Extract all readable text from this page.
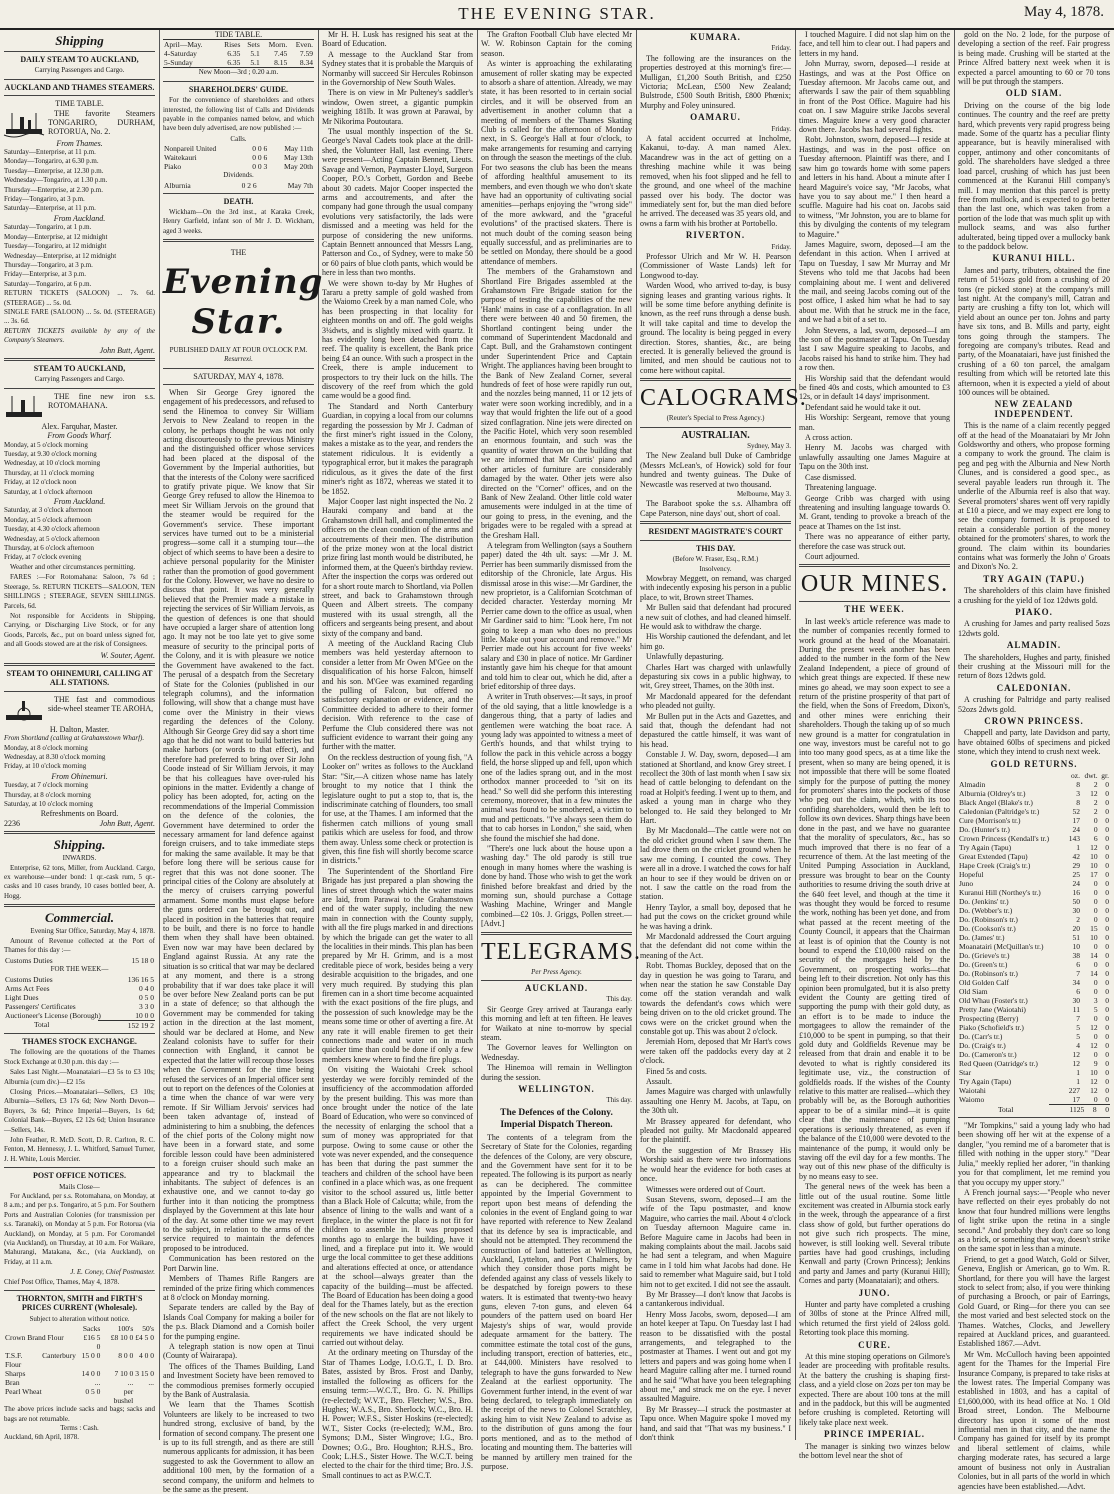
THE EVENING STAR.	May 4, 1878.
Shipping
DAILY STEAM TO AUCKLAND,
Carrying Passengers and Cargo.
AUCKLAND AND THAMES STEAMERS.
TIME TABLE.

THE favorite Steamers TONGARIRO, DURHAM, ROTORUA, No. 2.

From Thames.
Saturday—Enterprise, at 11 p.m.
Monday—Tongariro, at 6.30 p.m.
Tuesday—Enterprise, at 12.30 p.m.
Wednesday—Tongariro, at 1.30 p.m.
Thursday—Enterprise, at 2.30 p.m.
Friday—Tongariro, at 3 p.m.
Saturday—Enterprise, at 11 p.m.
From Auckland.
Saturday—Tongariro, at 1 p.m.
Monday—Enterprise, at 12 midnight
Tuesday—Tongariro, at 12 midnight
Wednesday—Enterprise, at 12 midnight
Thursday—Tongariro, at 3 p.m.
Friday—Enterprise, at 3 p.m.
Saturday—Tongariro, at 6 p.m.
RETURN TICKETS (SALOON) ... 7s. 6d. (STEERAGE) ... 5s. 0d.
SINGLE FARE (SALOON) ... 5s. 0d. (STEERAGE) ... 3s. 6d.
RETURN TICKETS available by any of the Company's Steamers.
John Butt, Agent.
STEAM TO AUCKLAND,
Carrying Passengers and Cargo.

THE fine new iron s.s. ROTOMAHANA.

Alex. Farquhar, Master.
From Goods Wharf.
Monday, at 5 o'clock morning
Tuesday, at 9.30 o'clock morning
Wednesday, at 10 o'clock morning
Thursday, at 11 o'clock morning
Friday, at 12 o'clock noon
Saturday, at 1 o'clock afternoon
From Auckland.
Saturday, at 3 o'clock afternoon
Monday, at 5 o'clock afternoon
Tuesday, at 4.30 o'clock afternoon
Wednesday, at 5 o'clock afternoon
Thursday, at 6 o'clock afternoon
Friday, at 7 o'clock evening

Weather and other circumstances permitting.

FARES :—For Rotomahana: Saloon, 7s 6d ; Steerage, 5s. RETURN TICKETS—SALOON, TEN SHILLINGS ; STEERAGE, SEVEN SHILLINGS. Parcels, 6d.

Not responsible for Accidents in Shipping, Carrying, or Discharging Live Stock, or for any Goods, Parcels, &c., put on board unless signed for, and all Goods stowed are at the risk of Consignees.

W. Souter, Agent.
STEAM TO OHINEMURI, CALLING AT ALL STATIONS.

THE fast and commodious side-wheel steamer TE AROHA,

H. Dalton, Master.
From Shortland (calling at Grahamstown Wharf).
Monday, at 8 o'clock morning
Wednesday, at 8.30 o'clock morning
Friday, at 10 o'clock morning
From Ohinemuri.
Tuesday, at 7 o'clock morning
Thursday, at 8 o'clock morning
Saturday, at 10 o'clock morning
Refreshments on Board.
2236	John Butt, Agent.
Shipping.
INWARDS.

Enterprise, 62 tons, Miller, from Auckland. Cargo, ex warehouse—under bond: 1 qr.-cask rum, 5 qr.-casks and 10 cases brandy, 10 cases bottled beer, A. Hogg.

Commercial.
Evening Star Office, Saturday, May 4, 1878.

Amount of Revenue collected at the Port of Thames for this day :—

Customs Duties	15 18 0
FOR THE WEEK—
Customs Duties	136 16 5
Arms Act Fees	0 4 0
Light Dues	0 5 0
Passengers' Certificates	3 3 0
Auctioneer's License (Borough)	10 0 0
Total	152 19 2
THAMES STOCK EXCHANGE.

The following are the quotations of the Thames Stock Exchange at 0.30 p.m. this day :—

Sales Last Night.—Moanataiari—£3 5s to £3 10s; Alburnia (cum div.)—£2 15s

Closing Prices.—Moanataiari—Sellers, £3 10s; Alburnia—Sellers, £3 17s 6d; New North Devon—Buyers, 3s 6d; Prince Imperial—Buyers, 1s 6d; Colonial Bank—Buyers, £2 12s 6d; Union Insurance—Sellers, 14s.

John Feather, R. McD. Scott, D. R. Carlton, R. C. Fenton, M. Hennessy, J. L. Whitford, Samuel Turner, J. H. White, Louis Mercier.

POST OFFICE NOTICES.
Mails Close—

For Auckland, per s.s. Rotomahana, on Monday, at 8 a.m.; and per p.s. Tongariro, at 5 p.m. For Southern Ports and Australian Colonies (for transmission per s.s. Taranaki), on Monday at 5 p.m. For Rotorua (via Auckland), on Monday, at 5 p.m. For Coromandel (via Auckland), on Thursday, at 10 a.m. For Waikare, Mahurangi, Matakana, &c., (via Auckland), on Friday, at 11 a.m.

J. E. Coney, Chief Postmaster.
Chief Post Office, Thames, May 4, 1878.
THORNTON, SMITH and FIRTH'S PRICES CURRENT (Wholesale).
Subject to alteration without notice.
	Sacks	100's	50's
Crown Brand Flour	£16 5 0	£8 10 0	£4 5 0
T.S.F. Canterbury Flour	15 0 0	8 0 0	4 0 0
Sharps	14 0 0	7 10 0	3 15 0
Bran	...	...	...
Pearl Wheat	0 5 0	per bushel	
The above prices include sacks and bags; sacks and bags are not returnable.
Terms : Cash.
Auckland, 6th April, 1878.
TIDE TABLE.
April—May.	Rises	Sets	Morn.	Even.
4-Saturday	6.35	5.1	7.45	7.59
5-Sunday	6.35	5.1	8.15	8.34
New Moon—3rd ; 0.20 a.m.
SHAREHOLDERS' GUIDE.

For the convenience of shareholders and others interested, the following list of Calls and Dividends payable in the companies named below, and which have been duly advertised, are now published :—

Calls.
Nonpareil United	0 0 6	May 11th
Waitekauri	0 0 6	May 13th
Piako	0 0 3	May 20th
Dividends.
Alburnia	0 2 6	May 7th
DEATH.

Wickham—On the 3rd inst., at Karaka Creek, Henry Garfield, infant son of Mr J. D. Wickham, aged 3 weeks.

THE
Evening Star.
PUBLISHED DAILY AT FOUR O'CLOCK P.M.
Resurrexi.
SATURDAY, MAY 4, 1878.

When Sir George Grey ignored the engagement of his predecessors, and refused to send the Hinemoa to convey Sir William Jervois to New Zealand to reopen in the colony, he perhaps thought he was not only acting discourteously to the previous Ministry and the distinguished officer whose services had been placed at the disposal of the Government by the Imperial authorities, but that the interests of the Colony were sacrificed to gratify private pique. We know that Sir George Grey refused to allow the Hinemoa to meet Sir William Jervois on the ground that the steamer would be required for the Government's service. These important services have turned out to be a ministerial progress—some call it a stumping tour—the object of which seems to have been a desire to achieve personal popularity for the Minister rather than the promotion of good government for the Colony. However, we have no desire to discuss that point. It was very generally believed that the Premier made a mistake in rejecting the services of Sir William Jervois, as the question of defences is one that should have occupied a larger share of attention long ago. It may not be too late yet to give some measure of security to the principal ports of the Colony, and it is with pleasure we notice the Government have awakened to the fact. The perusal of a despatch from the Secretary of State for the Colonies (published in our telegraph columns), and the information following, will show that a change must have come over the Ministry in their views regarding the defences of the Colony. Although Sir George Grey did say a short time ago that he did not want to build batteries but make harbors (or words to that effect), and therefore had preferred to bring over Sir John Coode instead of Sir William Jervois, it may be that his colleagues have over-ruled his opinions in the matter. Evidently a change of policy has been adopted, for, acting on the recommendations of the Imperial Commission on the defence of the colonies, the Government have determined to order the necessary armament for land defence against foreign cruisers, and to take immediate steps for making the same available. It may be that before long there will be serious cause for regret that this was not done sooner. The principal cities of the Colony are absolutely at the mercy of cruisers carrying powerful armament. Some months must elapse before the guns ordered can be brought out, and placed in position in the batteries that require to be built, and there is no force to handle them when they shall have been obtained. Even now war may have been declared by England against Russia. At any rate the situation is so critical that war may be declared at any moment, and there is a strong probability that if war does take place it will be over before New Zealand ports can be put in a state of defence; so that although the Government may be commended for taking action in the direction at the last moment, should war be declared at Home, and New Zealand colonists have to suffer for their connection with England, it cannot be expected that the latter will recoup those losses when the Government for the time being refused the services of an Imperial officer sent out to report on the defences of the Colonies at a time when the chance of war were very remote. If Sir William Jervois' services had been taken advantage of, instead of administering to him a snubbing, the defences of the chief ports of the Colony might now have been in a forward state, and some forcible lesson could have been administered to a foreign cruiser should such make an appearance and try to blackmail the inhabitants. The subject of defences is an exhaustive one, and we cannot to-day go further into it than noticing the promptness displayed by the Government at this late hour of the day. At some other time we may revert to the subject, in relation to the arms of the service required to maintain the defences proposed to be introduced.

Communication has been restored on the Port Darwin line.

Members of Thames Rifle Rangers are reminded of the prize firing which commences at 8 o'clock on Monday morning.

Separate tenders are called by the Bay of Islands Coal Company for making a boiler for the p.s. Black Diamond and a Cornish boiler for the pumping engine.

A telegraph station is now open at Tinui (County of Wairarapa).

The offices of the Thames Building, Land and Investment Society have been removed to the commodious premises formerly occupied by the Bank of Australasia.

We learn that the Thames Scottish Volunteers are likely to be increased to two hundred strong, exclusive of band, by the formation of second company. The present one is up to its full strength, and as there are still numerous applicants for admission, it has been suggested to ask the Government to allow an additional 100 men, by the formation of a second company, the uniform and helmets to be the same as the present.

Mr H. H. Lusk has resigned his seat at the Board of Education.

A message to the Auckland Star from Sydney states that it is probable the Marquis of Normanby will succeed Sir Hercules Robinson in the Governorship of New South Wales.

There is on view in Mr Pulteney's saddler's window, Owen street, a gigantic pumpkin weighing 181lb. It was grown at Parawai, by Mr Nikorima Poutoutara.

The usual monthly inspection of the St. George's Naval Cadets took place at the drill-shed, the Volunteer Hall, last evening. There were present—Acting Captain Bennett, Lieuts. Savage and Vernon, Paymaster Lloyd, Surgeon Cooper, P.O.'s Corbett, Gordon and Beebe about 30 cadets. Major Cooper inspected the arms and accoutrements, and after the company had gone through the usual company evolutions very satisfactorily, the lads were dismissed and a meeting was held for the purpose of considering the new uniforms. Captain Bennett announced that Messrs Lang, Patterson and Co., of Sydney, were to make 50 or 60 pairs of blue cloth pants, which would be here in less than two months.

We were shown to-day by Mr Hughes of Tararu a pretty sample of gold washed from the Waiomo Creek by a man named Cole, who has been prospecting in that locality for eighteen months on and off. The gold weighs 3¼dwts, and is slightly mixed with quartz. It has evidently long been detached from the reef. The quality is excellent, the Bank price being £4 an ounce. With such a prospect in the Creek, there is ample inducement to prospectors to try their luck on the hills. The discovery of the reef from which the gold came would be a good find.

The Standard and North Canterbury Guardian, in copying a local from our columns regarding the possession by Mr J. Cadman of the first miner's right issued in the Colony, makes a mistake as to the year, and renders the statement ridiculous. It is evidently a typographical error, but it makes the paragraph ridiculous, as it gives the date of the first miner's right as 1872, whereas we stated it to be 1852.

Major Cooper last night inspected the No. 2 Hauraki company and band at the Grahamstown drill hall, and complimented the officers on the clean condition of the arms and accoutrements of their men. The distribution of the prize money won at the local district prize firing last month would be distributed, he informed them, at the Queen's birthday review. After the inspection the corps was ordered out for a short route march to Shortland, via Pollen street, and back to Grahamstown through Queen and Albert streets. The company mustered with its usual strength, all the officers and sergeants being present, and about sixty of the company and band.

A meeting of the Auckland Racing Club members was held yesterday afternoon to consider a letter from Mr Owen M'Gee on the disqualification of his horse Falcon, himself and his son. M'Gee was examined regarding the pulling of Falcon, but offered no satisfactory explanation or evidence, and the Committee decided to adhere to their former decision. With reference to the case of Perfume the Club considered there was not sufficient evidence to warrant their going any further with the matter.

On the reckless destruction of young fish, "A Looker on" writes as follows to the Auckland Star: "Sir,—A citizen whose name has lately brought to my notice that I think the legislature ought to put a stop to, that is, the indiscriminate catching of flounders, too small for use, at the Thames. I am informed that the fishermen catch millions of young small patikis which are useless for food, and throw them away. Unless some check or protection is given, this fine fish will shortly become scarce in districts."

The Superintendent of the Shortland Fire Brigade has just prepared a plan showing the lines of street through which the water mains are laid, from Parawai to the Grahamstown end of the water supply, including the new main in connection with the County supply, with all the fire plugs marked in and directions by which the brigade can get the water to all the localities in their minds. This plan has been prepared by Mr H. Grimm, and is a most creditable piece of work, besides being a very desirable acquisition to the brigades, and one very much required. By studying this plan firemen can in a short time become acquainted with the exact positions of the fire plugs, and the possession of such knowledge may be the means some time or other of averting a fire. At any rate it will enable firemen to get their connections made and water on in much quicker time than could be done if only a few members knew where to find the fire plugs.

On visiting the Waiotahi Creek school yesterday we were forcibly reminded of the insufficiency of the accommodation afforded by the present building. This was more than once brought under the notice of the late Board of Education, who were so convinced of the necessity of enlarging the school that a sum of money was appropriated for that purpose. Owing to some cause or other the vote was never expended, and the consequence has been that during the past summer the teachers and children of the school have been confined in a place which was, as one frequent visitor to the school assured us, little better than a Black Hole of Calcutta; while, from the absence of lining to the walls and want of a fireplace, in the winter the place is not fit for children to assemble in. It was proposed months ago to enlarge the building, have it lined, and a fireplace put into it. We would urge the local committee to get these additions and alterations effected at once, or attendance at the school—always greater than the capacity of the building—must be affected. The Board of Education has been doing a good deal for the Thames lately, but as the erection of the new schools on the flat are not likely to affect the Creek School, the very urgent requirements we have indicated should be carried out without delay.

At the ordinary meeting on Thursday of the Star of Thames Lodge, I.O.G.T., I. D. Bro. Bates, assisted by Bros. Frost and Danby, installed the following as officers for the ensuing term:—W.C.T., Bro. G. N. Phillips (re-elected); W.V.T., Bro. Fletcher; W.S., Bro. Hughes; W.A.S., Bro. Sherlock; W.C., Bro. H. H. Power; W.F.S., Sister Hoskins (re-elected); W.T., Sister Cocks (re-elected); W.M., Bro. Symons; D.M., Sister Wingrove; I.G., Bro. Downes; O.G., Bro. Houghton; R.H.S., Bro. Cook; L.H.S., Sister Howe. The W.C.T. being elected to the chair for the third time; Bro. J.S. Small continues to act as P.W.C.T.

The Grafton Football Club have elected Mr W. W. Robinson Captain for the coming season.

As winter is approaching the exhilarating amusement of roller skating may be expected to absorb a share of attention. Already, we may state, it has been resorted to in certain social circles, and it will be observed from an advertisement in another column that a meeting of members of the Thames Skating Club is called for the afternoon of Monday next, in S. George's Hall at four o'clock, to make arrangements for resuming and carrying on through the season the meetings of the club. For two seasons the club has been the means of affording healthful amusement to its members, and even though we who don't skate have had an opportunity of cultivating social amenities—perhaps enjoying the "wrong side" of the more awkward, and the "graceful evolutions" of the practised skaters. There is not much doubt of the coming season being equally successful, and as preliminaries are to be settled on Monday, there should be a good attendance of members.

The members of the Grahamstown and Shortland Fire Brigades assembled at the Grahamstown Fire Brigade station for the purpose of testing the capabilities of the new 'Hank' mains in case of a conflagration. In all there were between 40 and 50 firemen, the Shortland contingent being under the command of Superintendent Macdonald and Capt. Bull, and the Grahamstown contingent under Superintendent Price and Captain Wright. The appliances having been brought to the Bank of New Zealand Corner, several hundreds of feet of hose were rapidly run out, and the nozzles being manned, 11 or 12 jets of water were soon working incredibly, and in a way that would frighten the life out of a good sized conflagration. Nine jets were directed on the Pacific Hotel, which very soon resembled an enormous fountain, and such was the quantity of water thrown on the building that we are informed that Mr Curtis' piano and other articles of furniture are considerably damaged by the water. Other jets were also directed on the "Corner" offices, and on the Bank of New Zealand. Other little cold water amusements were indulged in at the time of our going to press, in the evening, and the brigades were to be regaled with a spread at the Gresham Hall.

A telegram from Wellington (says a Southern paper) dated the 4th ult. says: —Mr J. M. Perrier has been summarily dismissed from the editorship of the Chronicle, late Argus. His dismissal arose in this wise:—Mr Gardiner, the new proprietor, is a Californian Scotchman of decided character. Yesterday morning Mr Perrier came down to the office as usual, when Mr Gardiner said to him: "Look here, I'm not going to keep a man who does no precious little. Make out your account and remove." Mr Perrier made out his account for five weeks' salary and £30 in place of notice. Mr Gardiner instantly gave him his cheque for that amount and told him to clear out, which he did, after a brief editorship of three days.

A writer in Truth observes:—It says, in proof of the old saying, that a little knowledge is a dangerous thing, that a party of ladies and gentlemen were watching the boat race. A young lady was appointed to witness a meet of Gerth's hounds, and that whilst trying to follow the pack in this vehicle across a boggy field, the horse slipped up and fell, upon which one of the ladies sprang out, and in the most orthodox manner proceeded to "sit on its head." So well did she perform this interesting ceremony, moreover, that in a few minutes the animal was found to be smothered, a victim to mud and petticoats. "I've always seen them do that to cab horses in London," she said, when she found the mischief she had done.

"There's one luck about the house upon a washing day." The old parody is still true enough in many homes where the washing is done by hand. Those who wish to get the work finished before breakfast and dried by the morning sun, should purchase a Cottage Washing Machine, Wringer and Mangle combined—£2 10s. J. Griggs, Pollen street.—[Advt.]

TELEGRAMS.
Per Press Agency.
AUCKLAND.
This day.

Sir George Grey arrived at Tauranga early this morning and left at ten fifteen. He leaves for Waikato at nine to-morrow by special steam.

The Governor leaves for Wellington on Wednesday.

The Hinemoa will remain in Wellington during the session.

WELLINGTON.
This day.
The Defences of the Colony.
Imperial Dispatch Thereon.

The contents of a telegram from the Secretary of State for the Colonies, regarding the defences of the Colony, are very obscure, and the Government have sent for it to be repeated. The following is its purport as nearly as can be deciphered. The committee appointed by the Imperial Government to report upon best means of defending the colonies in the event of England going to war have reported with reference to New Zealand that its defence by sea is impracticable, and should not be attempted. They recommend the construction of land batteries at Wellington, Auckland, Lyttelton, and Port Chalmers, by which they consider those ports might be defended against any class of vessels likely to be despatched by foreign powers to these waters. It is estimated that twenty-two heavy guns, eleven 7-ton guns, and eleven 64 pounders of the pattern used on board Her Majesty's ships of war, would provide adequate armament for the battery. The committee estimate the total cost of the guns, including transport, erection of batteries, etc., at £44,000. Ministers have resolved to telegraph to have the guns forwarded to New Zealand at the earliest opportunity. The Government further intend, in the event of war being declared, to telegraph immediately on the receipt of the news to Colonel Scratchley, asking him to visit New Zealand to advise as to the distribution of guns among the four ports mentioned, and as to the method of locating and mounting them. The batteries will be manned by artillery men trained for the purpose.

KUMARA.
Friday.

The following are the insurances on the properties destroyed at this morning's fire:—Mulligan, £1,200 South British, and £250 Victoria; McLean, £500 New Zealand; Bulstrode, £500 South British, £800 Phœnix; Murphy and Foley uninsured.

OAMARU.
Friday.

A fatal accident occurred at Incholme, Kakanui, to-day. A man named Alex. Macandrew was in the act of getting on a threshing machine while it was being removed, when his foot slipped and he fell to the ground, and one wheel of the machine passed over his body. The doctor was immediately sent for, but the man died before he arrived. The deceased was 35 years old, and owns a farm with his brother at Portobello.

RIVERTON.
Friday.

Professor Ulrich and Mr W. H. Pearson (Commissioner of Waste Lands) left for Longwood to-day.

Warden Wood, who arrived to-day, is busy signing leases and granting various rights. It will be some time before anything definite is known, as the reef runs through a dense bush. It will take capital and time to develop the ground. The locality is being pegged in every direction. Stores, shanties, &c., are being erected. It is generally believed the ground is limited, and men should be cautious not to come here without capital.

CALOGRAMS.
(Reuter's Special to Press Agency.)
AUSTRALIAN.
Sydney, May 3.

The New Zealand bull Duke of Cambridge (Messrs McLean's, of Howick) sold for four hundred and twenty guineas. The Duke of Newcastle was reserved at two thousand.

Melbourne, May 3.

The Baraboot spoke the s.s. Alhambra off Cape Paterson, nine days' out, short of coal.

RESIDENT MAGISTRATE'S COURT
THIS DAY.
(Before W. Fraser, Esq., R.M.)
Insolvency.

Mowbray Meggett, on remand, was charged with indecently exposing his person in a public place, to wit, Brown street Thames.

Mr Bullen said that defendant had procured a new suit of clothes, and had cleaned himself. He would ask to withdraw the charge.

His Worship cautioned the defendant, and let him go.

Unlawfully depasturing.

Charles Hart was charged with unlawfully depasturing six cows in a public highway, to wit, Grey street, Thames, on the 30th inst.

Mr Macdonald appeared for the defendant who pleaded not guilty.

Mr Bullen put in the Acts and Gazettes, and said that, though the defendant had not depastured the cattle himself, it was want of his head.

Constable J. W. Day, sworn, deposed—I am stationed at Shortland, and know Grey street. I recollect the 30th of last month when I saw six head of cattle belonging to defendant on the road at Holpit's feeding. I went up to them, and asked a young man in charge who they belonged to. He said they belonged to Mr Hart.

By Mr Macdonald—The cattle were not on the old cricket ground when I saw them. The lad drove them on the cricket ground when he saw me coming. I counted the cows. They were all in a drove. I watched the cows for half an hour to see if they would be driven on or not. I saw the cattle on the road from the station.

Henry Taylor, a small boy, deposed that he had put the cows on the cricket ground while he was having a drink.

Mr Macdonald addressed the Court arguing that the defendant did not come within the meaning of the Act.

Robt. Thomas Buckley, deposed that on the day in question he was going to Tararu, and when near the station he saw Constable Day come off the station verandah and walk towards the defendant's cows which were being driven on to the old cricket ground. The cows were on the cricket ground when the constable got up. This was about 2 o'clock.

Jeremiah Horn, deposed that Mr Hart's cows were taken off the paddocks every day at 2 o'clock.

Fined 5s and costs.

Assault.

James Maguire was charged with unlawfully assaulting one Henry M. Jacobs, at Tapu, on the 30th ult.

Mr Brassey appeared for defendant, who pleaded not guilty. Mr Macdonald appeared for the plaintiff.

On the suggestion of Mr Brassey His Worship said as there were two informations he would hear the evidence for both cases at once.

Witnesses were ordered out of Court.

Susan Stevens, sworn, deposed—I am the wife of the Tapu postmaster, and know Maguire, who carries the mail. About 4 o'clock on Tuesday afternoon Maguire came in. Before Maguire came in Jacobs had been in making complaints about the mail. Jacobs said he had sent a telegram, and when Maguire came in I told him what Jacobs had done. He said to remember what Maguire said, but I told him not to get excited. I did not see the assault.

By Mr Brassey—I don't know that Jacobs is a cantankerous individual.

Henry Moss Jacobs, sworn, deposed—I am an hotel keeper at Tapu. On Tuesday last I had reason to be dissatisfied with the postal arrangements, and telegraphed to the postmaster at Thames. I went out and got my letters and papers and was going home when I heard Maguire calling after me. I turned round and he said "What have you been telegraphing about me," and struck me on the eye. I never assaulted Maguire.

By Mr Brassey—I struck the postmaster at Tapu once. When Maguire spoke I moved my hand, and said that "That was my business." I don't think

I touched Maguire. I did not slap him on the face, and tell him to clear out. I had papers and letters in my hand.

John Murray, sworn, deposed—I reside at Hastings, and was at the Post Office on Tuesday afternoon. Mr Jacobs came out, and afterwards I saw the pair of them squabbling in front of the Post Office. Maguire had his coat on. I saw Maguire strike Jacobs several times. Maguire knew a very good character down there. Jacobs has had several fights.

Robt. Johnston, sworn, deposed—I reside at Hastings, and was in the post office on Tuesday afternoon. Plaintiff was there, and I saw him go towards home with some papers and letters in his hand. About a minute after I heard Maguire's voice say, "Mr Jacobs, what have you to say about me." I then heard a scuffle. Maguire had his coat on. Jacobs said to witness, "Mr Johnston, you are to blame for this by divulging the contents of my telegram to Maguire."

James Maguire, sworn, deposed—I am the defendant in this action. When I arrived at Tapu on Tuesday, I saw Mr Murray and Mr Stevens who told me that Jacobs had been complaining about me. I went and delivered the mail, and seeing Jacobs coming out of the post office, I asked him what he had to say about me. With that he struck me in the face, and we had a bit of a set to.

John Stevens, a lad, sworn, deposed—I am the son of the postmaster at Tapu. On Tuesday last I saw Maguire speaking to Jacobs, and Jacobs raised his hand to strike him. They had a row then.

His Worship said that the defendant would be fined 40s and costs, which amounted to £3 12s, or in default 14 days' imprisonment.

Defendant said he would take it out.

His Worship: Sergeant, remove that young man.

A cross action.

Henry M. Jacobs was charged with unlawfully assaulting one James Maguire at Tapu on the 30th inst.

Case dismissed.

Threatening language.

George Cribb was charged with using threatening and insulting language towards O. M. Grant, tending to provoke a breach of the peace at Thames on the 1st inst.

There was no appearance of either party, therefore the case was struck out.

Court adjourned.

OUR MINES.
THE WEEK.

In last week's article reference was made to the number of companies recently formed to work ground at the head of the Moanatairi. During the present week another has been added to the number in the form of the New Zealand Independent, a piece of ground of which great things are expected. If these new mines go ahead, we may soon expect to see a return of the pristine prosperity of that part of the field, when the Sons of Freedom, Dixon's, and other mines were enriching their shareholders. Though the taking up of so much new ground is a matter for congratulation in one way, investors must be careful not to go into too many good specs, as at a time like the present, when so many are being opened, it is not impossible that there will be some floated simply for the purpose of putting the money for promoters' shares into the pockets of those who peg out the claim, which, with its too confiding shareholders, would then be left to follow its own devices. Sharp things have been done in the past, and we have no guarantee that the morality of speculators, &c., has so much improved that there is no fear of a recurrence of them. At the last meeting of the United Pumping Association in Auckland, pressure was brought to bear on the County authorities to resume driving the south drive at the 640 feet level, and though at the time it was thought they would be forced to resume the work, nothing has been yet done, and from what passed at the recent meeting of the County Council, it appears that the Chairman at least is of opinion that the County is not bound to expend the £10,000 raised on the security of the mortgages held by the Government, on prospecting works—that being left to their discretion. Not only has this opinion been promulgated, but it is also pretty evident the County are getting tired of supporting the pump with their gold duty, as an effort is to be made to induce the mortgagees to allow the remainder of the £10,000 to be spent in pumping, so that their gold duty and Goldfields Revenue may be released from that drain and enable it to be devoted to what is rightly considered its legitimate use, viz., the construction of goldfields roads. If the wishes of the County relative to this matter are realised—which they probably will be, as the Borough authorities appear to be of a similar mind—it is quite clear that the maintenance of pumping operations is seriously threatened, as even if the balance of the £10,000 were devoted to the maintenance of the pump, it would only be staving off the evil day for a few months. The way out of this new phase of the difficulty is by no means easy to see.

The general news of the week has been a little out of the usual routine. Some little excitement was created in Alburnia stock early in the week, through the appearance of a first class show of gold, but further operations do not give such rich prospects. The mine, however, is still looking well. Several tribute parties have had good crushings, including Kenwall and party (Crown Princess); Jenkins and party and James and party (Kuranui Hill); Cornes and party (Moanataiari); and others.

JUNO.

Hunter and party have completed a crushing of 30lbs of stone at the Prince Alfred mill, which returned the first yield of 24loss gold. Retorting took place this morning.

CURE.

At this mine stoping operations on Gilmore's leader are proceeding with profitable results. At the battery the crushing is shaping first-class, and a yield close on 2ozs per ton may be expected. There are about 100 tons at the mill and in the paddock, but this will be augmented before crushing is completed. Retorting will likely take place next week.

PRINCE IMPERIAL.

The manager is sinking two winzes below the bottom level near the shot of

gold on the No. 2 lode, for the purpose of developing a section of the reef. Fair progress is being made. Crushing will be started at the Prince Alfred battery next week when it is expected a parcel amounting to 60 or 70 tons will be put through the stampers.

OLD SIAM.

Driving on the course of the big lode continues. The country and the reef are pretty hard, which prevents very rapid progress being made. Some of the quartz has a peculiar flinty appearance, but is heavily mineralised with copper, antimony and other concomitants of gold. The shareholders have sledged a three load parcel, crushing of which has just been commenced at the Kuranui Hill company's mill. I may mention that this parcel is pretty free from mullock, and is expected to go better than the last one, which was taken from a portion of the lode that was much split up with mullock seams, and was also further adulterated, being tipped over a mullocky bank to the paddock below.

KURANUI HILL.

James and party, tributers, obtained the fine return of 51½ozs gold from a crushing of 20 tons (re picked stone) at the company's mill last night. At the company's mill, Catran and party are crushing a fifty ton lot, which will yield about an ounce per ton. Johns and party have six tons, and B. Mills and party, eight tons going through the stampers. The foregoing are company's tributes. Read and party, of the Moanataiari, have just finished the crushing of a 60 ton parcel, the amalgam resulting from which will be retorted late this afternoon, when it is expected a yield of about 100 ounces will be obtained.

NEW ZEALAND INDEPENDENT.

This is the name of a claim recently pegged off at the head of the Moanataiari by Mr John Goldsworthy and others, who propose forming a company to work the ground. The claim is peg and peg with the Alburnia and New North Clunes, and is considered a good spec., as several payable leaders run through it. The underlie of the Alburnia reef is also that way. Several promoters' shares went off very rapidly at £10 a piece, and we may expect ere long to see the company formed. It is proposed to retain a considerable portion of the money obtained for the promoters' shares, to work the ground. The claim within its boundaries contains what was formerly the John o' Groats and Dixon's No. 2.

TRY AGAIN (TAPU.)

The shareholders of this claim have finished a crushing for the yield of 1oz 12dwts gold.

PIAKO.

A crushing for James and party realised 5ozs 12dwts gold.

ALMADIN.

The shareholders, Hughes and party, finished their crushing at the Missouri mill for the return of 8ozs 12dwts gold.

CALEDONIAN.

A crushing for Paltridge and party realised 52ozs 2dwts gold.

CROWN PRINCESS.

Chappell and party, late Davidson and party, have obtained 60lbs of specimens and picked stone, which they intend to crush next week.

GOLD RETURNS.
	oz.	dwt.	gr.
Almadin	8	2	0
Alburnia (Oldrey's tr.)	3	12	0
Black Angel (Blake's tr.)	8	2	0
Caledonian (Paltridge's tr.)	52	2	0
Cure (Morrison's tr.)	17	0	0
Do. (Hunter's tr.)	24	0	0
Crown Princess (Kendall's tr.)	143	6	0
Try Again (Tapu)	1	12	0
Great Extended (Tapu)	42	10	0
Hape Creek (Craig's tr.)	29	10	0
Hopeful	25	17	0
Juno	24	0	0
Kuranui Hill (Northey's tr.)	16	0	0
Do. (Jenkins' tr.)	50	0	0
Do. (Webber's tr.)	30	0	0
Do. (Robinson's tr.)	2	0	0
Do. (Cookson's tr.)	20	15	0
Do. (James' tr.)	51	10	0
Moanatairi (McQuillan's tr.)	10	0	0
Do. (Grieve's tr.)	38	14	0
Do. (Green's tr.)	6	0	0
Do. (Robinson's tr.)	7	14	0
Old Golden Calf	34	0	0
Old Siam	6	0	0
Old Whau (Foster's tr.)	30	3	0
Pretty Jane (Waiotahi)	11	5	0
Prospecting (Berry)	7	0	0
Piako (Schofield's tr.)	5	12	0
Do. (Carr's tr.)	5	0	0
Do. (Craig's tr.)	4	12	0
Do. (Cameron's tr.)	12	0	0
Red Queen (Oatridge's tr.)	12	9	0
Star	1	10	0
Try Again (Tapu)	1	12	0
Waiotahi	227	12	0
Waiomo	17	0	0
Total	1125	8	0

"Mr Tompkins," said a young lady who had been showing off her wit at the expense of a dangler, "you remind me of a barometer that is filled with nothing in the upper story." "Dear Julia," meekly replied her adorer, "in thanking you for that compliment, let me remind you that you occupy my upper story."

A French journal says:—"People who never have reflected on their eyes probably do not know that four hundred millions were lengths of light strike upon the retina in a single second." And probably they don't care so long as a brick, or something that way, doesn't strike on the same spot in less than a minute.

Friend, to get a good Watch, Gold or Silver, Geneva, English or American, go to Wm. R. Shortland, for there you will have the largest stock to select from; also, if you were thinking of purchasing a Brooch, or pair of Earrings, Gold Guard, or Ring—for there you can see the most varied and best selected stock on the Thames. Watches, Clocks, and Jewellery repaired at Auckland prices, and guaranteed. Established 1867.—Advt.

Mr Wm. McCulloch having been appointed agent for the Thames for the Imperial Fire Insurance Company, is prepared to take risks at the lowest rates. The Imperial Company was established in 1803, and has a capital of £1,600,000, with its head office at No. 1 Old Broad street, London. The Melbourne directory has upon it some of the most influential men in that city, and the name the Company has gained for itself by its prompt and liberal settlement of claims, while charging moderate rates, has secured a large amount of business not only in Australian Colonies, but in all parts of the world in which agencies have been established.—Advt.
